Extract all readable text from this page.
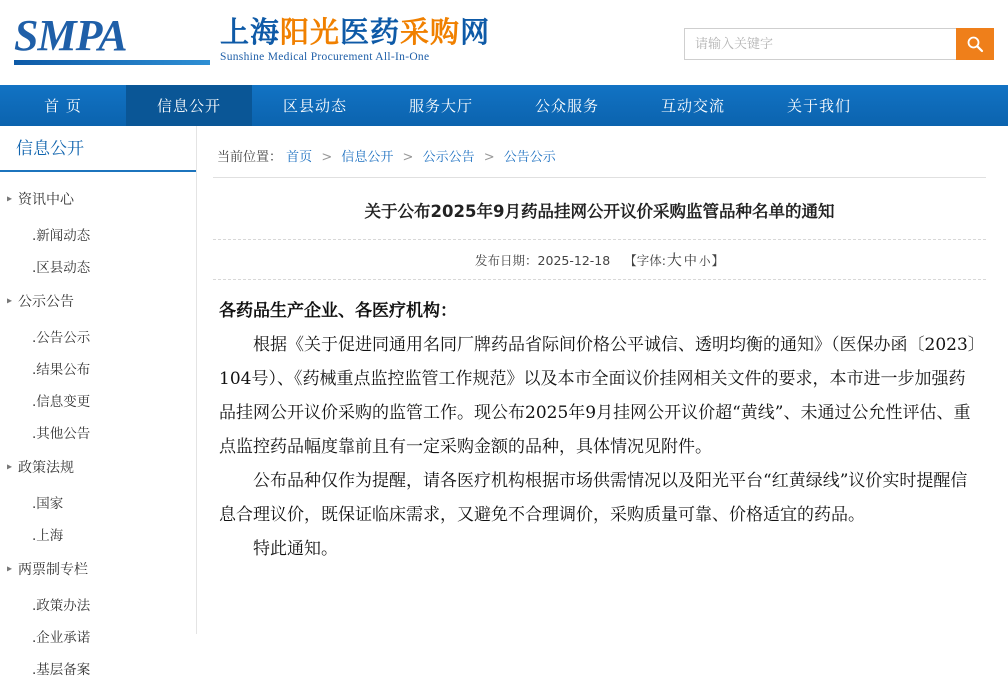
SMPA	上海阳光医药采购网
Sunshine Medical Procurement All-In-One
请输入关键字
首 页	信息公开	区县动态	服务大厅	公众服务	互动交流	关于我们
信息公开
▸ 资讯中心
.新闻动态
.区县动态
▸ 公示公告
.公告公示
.结果公布
.信息变更
.其他公告
▸ 政策法规
.国家
.上海
▸ 两票制专栏
.政策办法
.企业承诺
.基层备案
当前位置： 首页 > 信息公开 > 公示公告 > 公告公示
关于公布2025年9月药品挂网公开议价采购监管品种名单的通知
发布日期：2025-12-18 【字体:大 中 小】

各药品生产企业、各医疗机构：

根据《关于促进同通用名同厂牌药品省际间价格公平诚信、透明均衡的通知》（医保办函〔2023〕104号）、《药械重点监控监管工作规范》以及本市全面议价挂网相关文件的要求，本市进一步加强药品挂网公开议价采购的监管工作。现公布2025年9月挂网公开议价超“黄线”、未通过公允性评估、重点监控药品幅度靠前且有一定采购金额的品种，具体情况见附件。

公布品种仅作为提醒，请各医疗机构根据市场供需情况以及阳光平台“红黄绿线”议价实时提醒信息合理议价，既保证临床需求，又避免不合理调价，采购质量可靠、价格适宜的药品。

特此通知。
